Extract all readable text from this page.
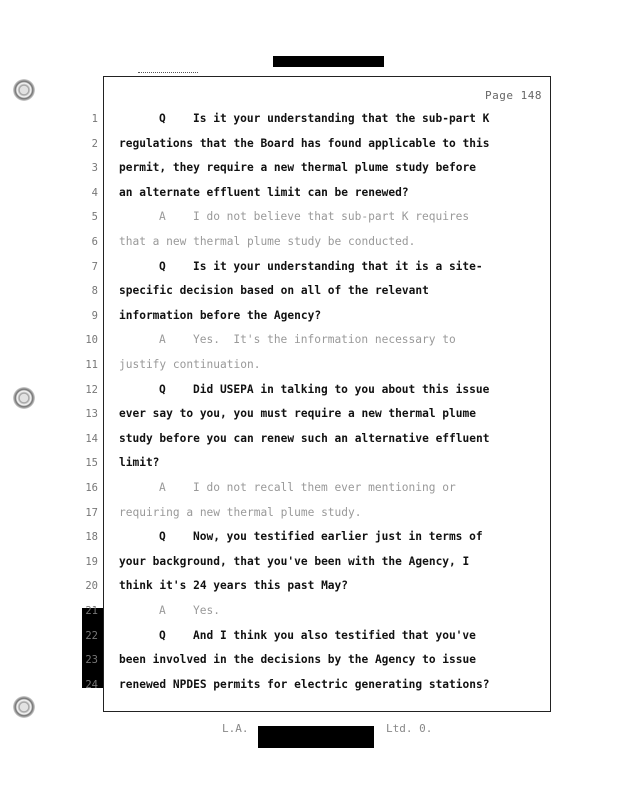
Page 148
1	Q Is it your understanding that the sub-part K
2 regulations that the Board has found applicable to this
3 permit, they require a new thermal plume study before
4 an alternate effluent limit can be renewed?
5	A I do not believe that sub-part K requires
6 that a new thermal plume study be conducted.
7	Q Is it your understanding that it is a site-
8 specific decision based on all of the relevant
9 information before the Agency?
10	A Yes.  It's the information necessary to
11 justify continuation.
12	Q Did USEPA in talking to you about this issue
13 ever say to you, you must require a new thermal plume
14 study before you can renew such an alternative effluent
15 limit?
16	A I do not recall them ever mentioning or
17 requiring a new thermal plume study.
18	Q Now, you testified earlier just in terms of
19 your background, that you've been with the Agency, I
20 think it's 24 years this past May?
21	A Yes.
22	Q And I think you also testified that you've
23 been involved in the decisions by the Agency to issue
24 renewed NPDES permits for electric generating stations?
L.A.	Ltd. 0.
